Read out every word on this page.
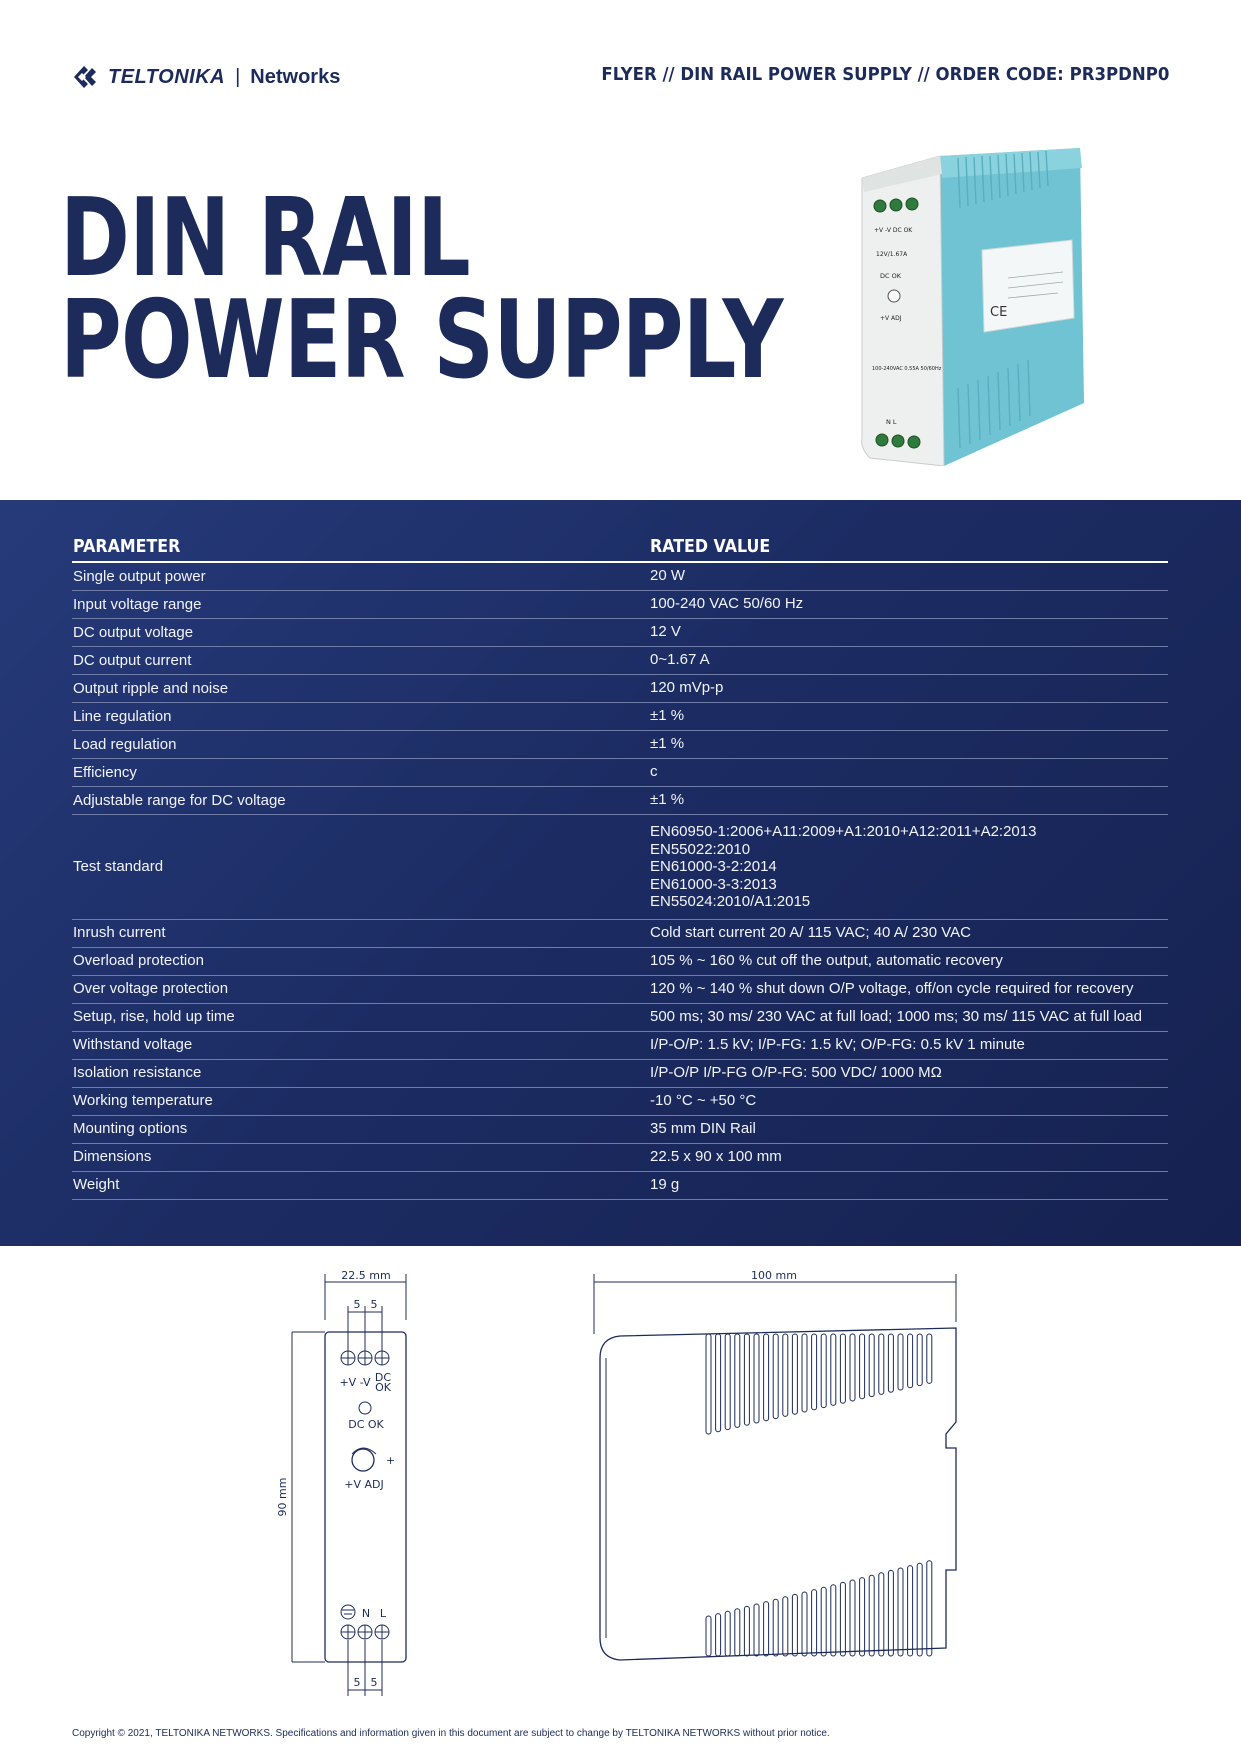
TELTONIKA | Networks	FLYER // DIN RAIL POWER SUPPLY // ORDER CODE: PR3PDNP0
DIN RAIL
POWER SUPPLY	CE
+V -V DC OK
12V/1.67A
DC OK
+V ADJ
100-240VAC 0.55A 50/60Hz
N L
PARAMETER	RATED VALUE
Single output power	20 W

Input voltage range	100-240 VAC 50/60 Hz

DC output voltage	12 V

DC output current	0~1.67 A

Output ripple and noise	120 mVp-p

Line regulation	±1 %

Load regulation	±1 %

Efficiency	c

Adjustable range for DC voltage	±1 %

Test standard	EN60950-1:2006+A11:2009+A1:2010+A12:2011+A2:2013
EN55022:2010
EN61000-3-2:2014
EN61000-3-3:2013
EN55024:2010/A1:2015

Inrush current	Cold start current 20 A/ 115 VAC; 40 A/ 230 VAC

Overload protection	105 % ~ 160 % cut off the output, automatic recovery

Over voltage protection	120 % ~ 140 % shut down O/P voltage, off/on cycle required for recovery

Setup, rise, hold up time	500 ms; 30 ms/ 230 VAC at full load; 1000 ms; 30 ms/ 115 VAC at full load

Withstand voltage	I/P-O/P: 1.5 kV; I/P-FG: 1.5 kV; O/P-FG: 0.5 kV 1 minute

Isolation resistance	I/P-O/P I/P-FG O/P-FG: 500 VDC/ 1000 MΩ

Working temperature	-10 °C ~ +50 °C

Mounting options	35 mm DIN Rail

Dimensions	22.5 x 90 x 100 mm

Weight	19 g
22.5 mm
5 5
+V -V DC
OK
DC OK
+
+V ADJ
90 mm
N L
5 5
100 mm
Copyright © 2021, TELTONIKA NETWORKS. Specifications and information given in this document are subject to change by TELTONIKA NETWORKS without prior notice.
